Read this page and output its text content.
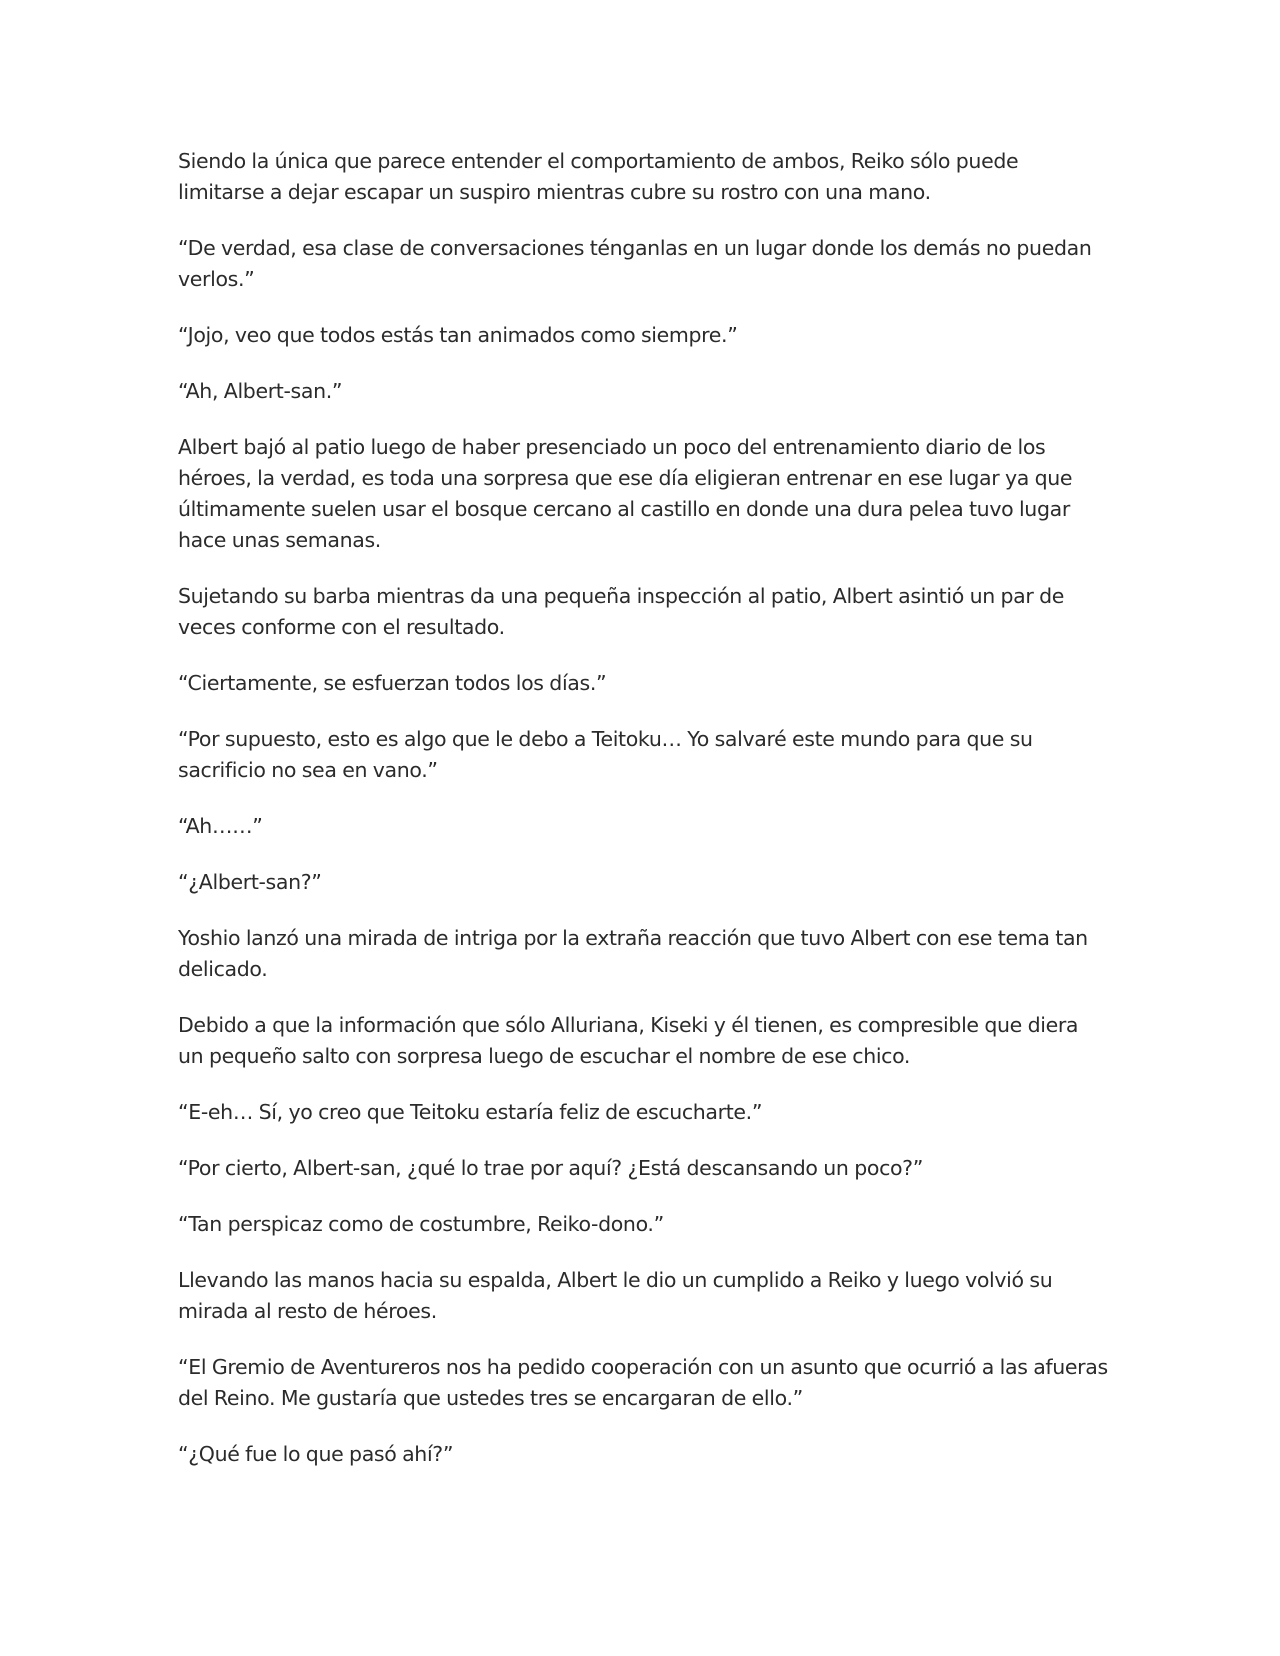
Siendo la única que parece entender el comportamiento de ambos, Reiko sólo puede limitarse a dejar escapar un suspiro mientras cubre su rostro con una mano.

“De verdad, esa clase de conversaciones ténganlas en un lugar donde los demás no puedan verlos.”

“Jojo, veo que todos estás tan animados como siempre.”

“Ah, Albert-san.”

Albert bajó al patio luego de haber presenciado un poco del entrenamiento diario de los héroes, la verdad, es toda una sorpresa que ese día eligieran entrenar en ese lugar ya que últimamente suelen usar el bosque cercano al castillo en donde una dura pelea tuvo lugar hace unas semanas.

Sujetando su barba mientras da una pequeña inspección al patio, Albert asintió un par de veces conforme con el resultado.

“Ciertamente, se esfuerzan todos los días.”

“Por supuesto, esto es algo que le debo a Teitoku… Yo salvaré este mundo para que su sacrificio no sea en vano.”

“Ah……”

“¿Albert-san?”

Yoshio lanzó una mirada de intriga por la extraña reacción que tuvo Albert con ese tema tan delicado.

Debido a que la información que sólo Alluriana, Kiseki y él tienen, es compresible que diera un pequeño salto con sorpresa luego de escuchar el nombre de ese chico.

“E-eh… Sí, yo creo que Teitoku estaría feliz de escucharte.”

“Por cierto, Albert-san, ¿qué lo trae por aquí? ¿Está descansando un poco?”

“Tan perspicaz como de costumbre, Reiko-dono.”

Llevando las manos hacia su espalda, Albert le dio un cumplido a Reiko y luego volvió su mirada al resto de héroes.

“El Gremio de Aventureros nos ha pedido cooperación con un asunto que ocurrió a las afueras del Reino. Me gustaría que ustedes tres se encargaran de ello.”

“¿Qué fue lo que pasó ahí?”
